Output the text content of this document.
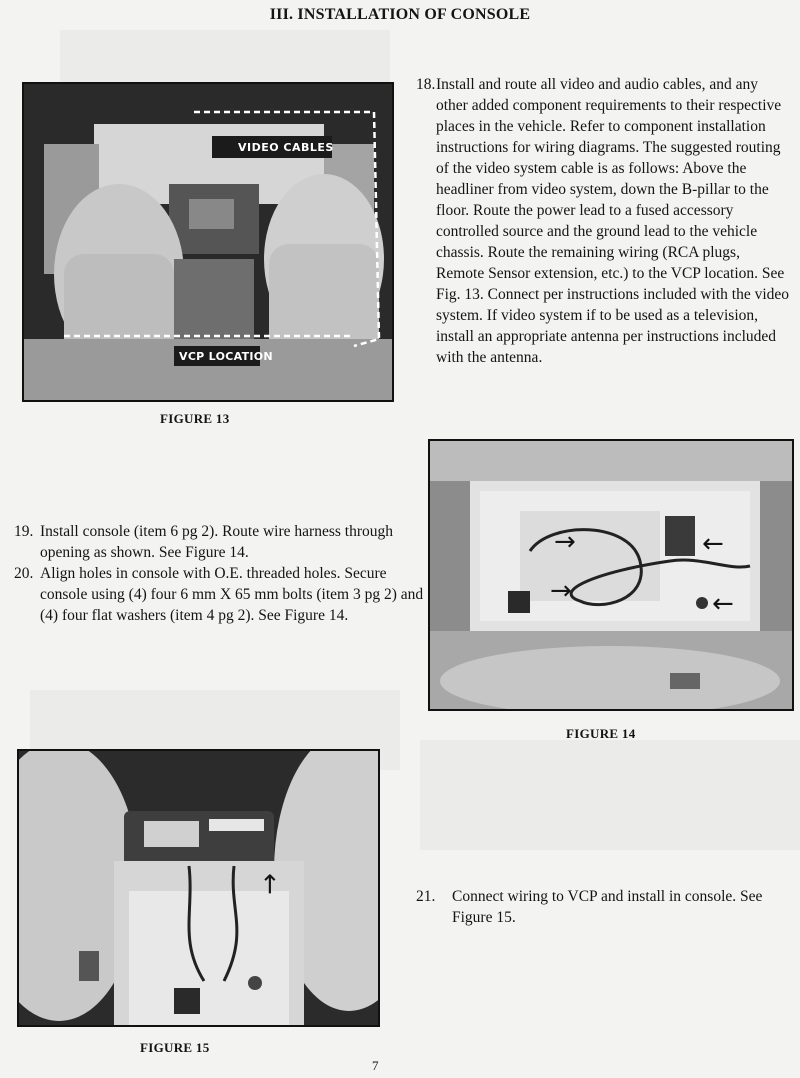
III. INSTALLATION OF CONSOLE
VIDEO CABLES
VCP LOCATION
FIGURE 13
18. Install and route all video and audio cables, and any other added component requirements to their respective places in the vehicle. Refer to component installation instructions for wiring diagrams. The suggested routing of the video system cable is as follows: Above the headliner from video system, down the B-pillar to the floor. Route the power lead to a fused accessory controlled source and the ground lead to the vehicle chassis. Route the remaining wiring (RCA plugs, Remote Sensor extension, etc.) to the VCP location. See Fig. 13. Connect per instructions included with the video system. If video system if to be used as a television, install an appropriate antenna per instructions included with the antenna.
→	←
→	←
FIGURE 14
19. Install console (item 6 pg 2). Route wire harness through opening as shown. See Figure 14.
20. Align holes in console with O.E. threaded holes. Secure console using (4) four 6 mm X 65 mm bolts (item 3 pg 2) and (4) four flat washers (item 4 pg 2). See Figure 14.
↖
FIGURE 15
21.	Connect wiring to VCP and install in console. See Figure 15.
7
